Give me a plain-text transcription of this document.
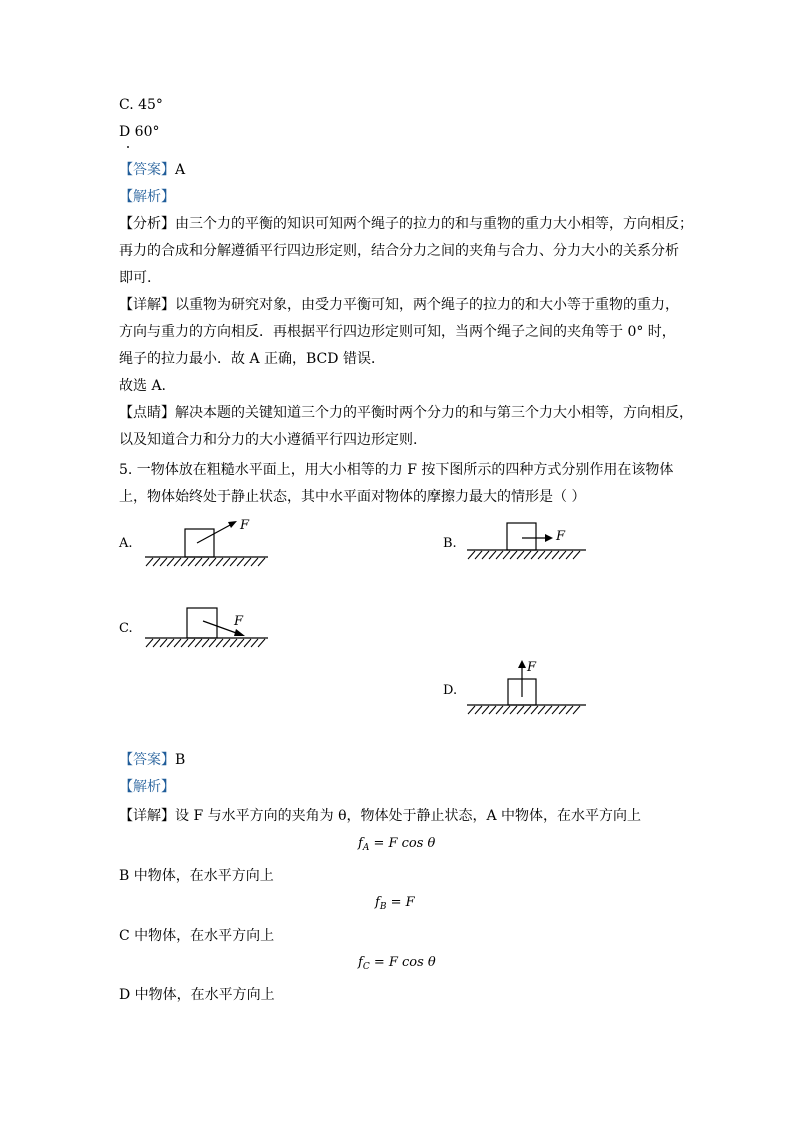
C. 45°
D 60°
【答案】A
【解析】
【分析】由三个力的平衡的知识可知两个绳子的拉力的和与重物的重力大小相等，方向相反；
再力的合成和分解遵循平行四边形定则，结合分力之间的夹角与合力、分力大小的关系分析
即可.
【详解】以重物为研究对象，由受力平衡可知，两个绳子的拉力的和大小等于重物的重力，
方向与重力的方向相反．再根据平行四边形定则可知，当两个绳子之间的夹角等于 0° 时，
绳子的拉力最小．故 A 正确，BCD 错误．
故选 A.
【点睛】解决本题的关键知道三个力的平衡时两个分力的和与第三个力大小相等，方向相反，
以及知道合力和分力的大小遵循平行四边形定则.
5. 一物体放在粗糙水平面上，用大小相等的力 F 按下图所示的四种方式分别作用在该物体
上，物体始终处于静止状态，其中水平面对物体的摩擦力最大的情形是（ ）
A.
F
B.	F
C.	F
D.
F
【答案】B
【解析】
【详解】设 F 与水平方向的夹角为 θ，物体处于静止状态，A 中物体，在水平方向上
$f_A = F$ cos θ
B 中物体，在水平方向上
$f_B = F$
C 中物体，在水平方向上
$f_C = F$ cos θ
D 中物体，在水平方向上
